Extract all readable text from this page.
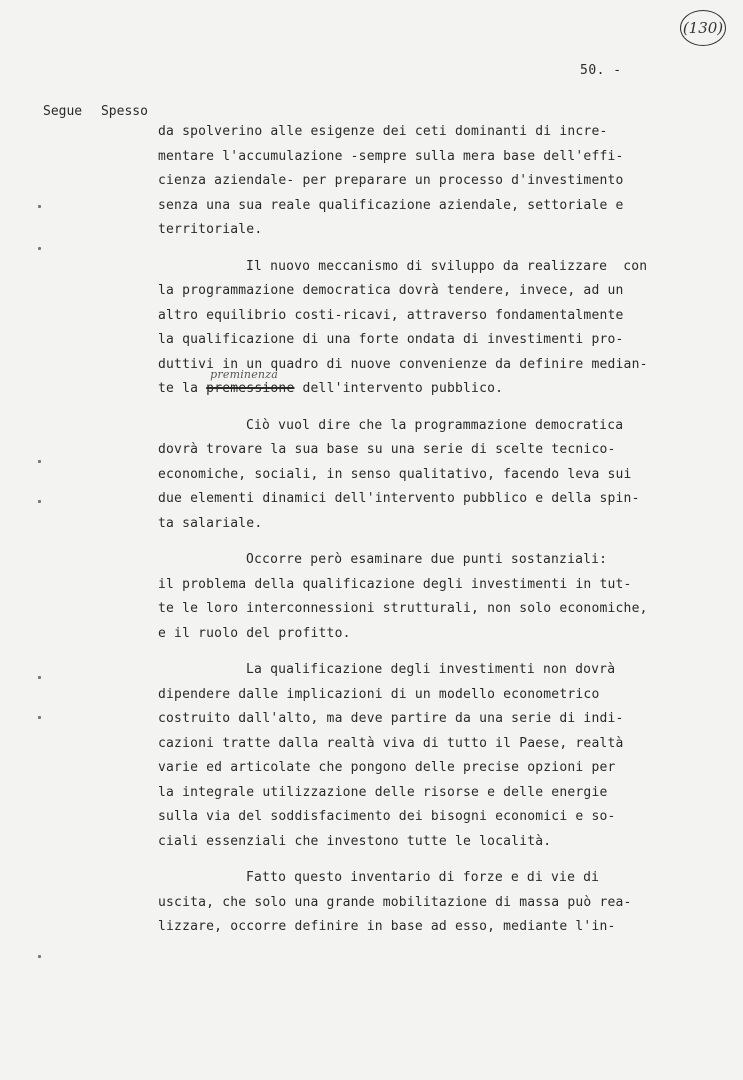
(130)
50. -
Segue Spesso
da spolverino alle esigenze dei ceti dominanti di incre-
mentare l'accumulazione -sempre sulla mera base dell'effi-
cienza aziendale- per preparare un processo d'investimento
senza una sua reale qualificazione aziendale, settoriale e
territoriale.
Il nuovo meccanismo di sviluppo da realizzare  con
la programmazione democratica dovrà tendere, invece, ad un
altro equilibrio costi-ricavi, attraverso fondamentalmente
la qualificazione di una forte ondata di investimenti pro-
duttivi in un quadro di nuove convenienze da definire median-
te la
preminenza
premessione dell'intervento pubblico.
Ciò vuol dire che la programmazione democratica
dovrà trovare la sua base su una serie di scelte tecnico-
economiche, sociali, in senso qualitativo, facendo leva sui
due elementi dinamici dell'intervento pubblico e della spin-
ta salariale.
Occorre però esaminare due punti sostanziali:
il problema della qualificazione degli investimenti in tut-
te le loro interconnessioni strutturali, non solo economiche,
e il ruolo del profitto.
La qualificazione degli investimenti non dovrà
dipendere dalle implicazioni di un modello econometrico
costruito dall'alto, ma deve partire da una serie di indi-
cazioni tratte dalla realtà viva di tutto il Paese, realtà
varie ed articolate che pongono delle precise opzioni per
la integrale utilizzazione delle risorse e delle energie
sulla via del soddisfacimento dei bisogni economici e so-
ciali essenziali che investono tutte le località.
Fatto questo inventario di forze e di vie di
uscita, che solo una grande mobilitazione di massa può rea-
lizzare, occorre definire in base ad esso, mediante l'in-
